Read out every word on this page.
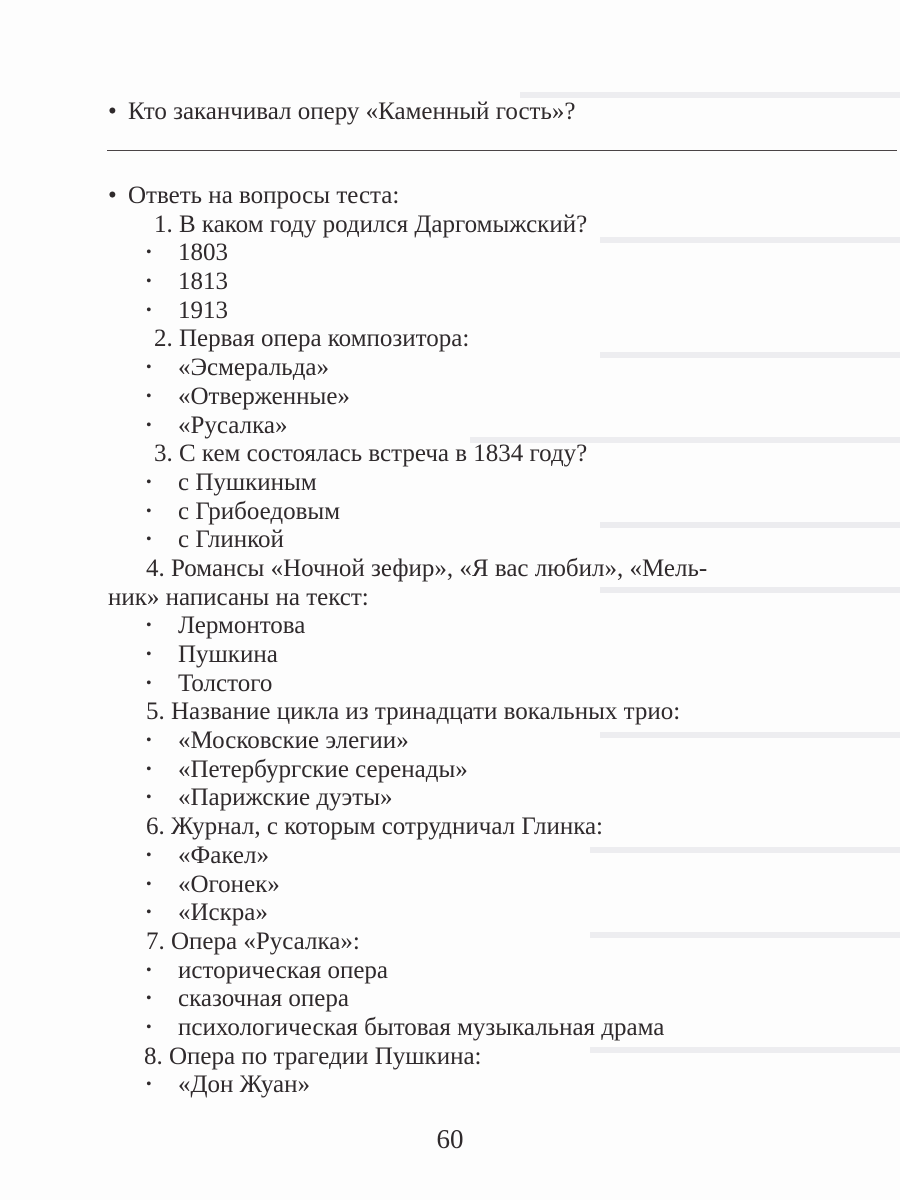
• Кто заканчивал оперу «Каменный гость»?
• Ответь на вопросы теста:
1. В каком году родился Даргомыжский?
• 1803
• 1813
• 1913
2. Первая опера композитора:
• «Эсмеральда»
• «Отверженные»
• «Русалка»
3. С кем состоялась встреча в 1834 году?
• с Пушкиным
• с Грибоедовым
• с Глинкой
4. Романсы «Ночной зефир», «Я вас любил», «Мель-
ник» написаны на текст:
• Лермонтова
• Пушкина
• Толстого
5. Название цикла из тринадцати вокальных трио:
• «Московские элегии»
• «Петербургские серенады»
• «Парижские дуэты»
6. Журнал, с которым сотрудничал Глинка:
• «Факел»
• «Огонек»
• «Искра»
7. Опера «Русалка»:
• историческая опера
• сказочная опера
• психологическая бытовая музыкальная драма
8. Опера по трагедии Пушкина:
• «Дон Жуан»
60
